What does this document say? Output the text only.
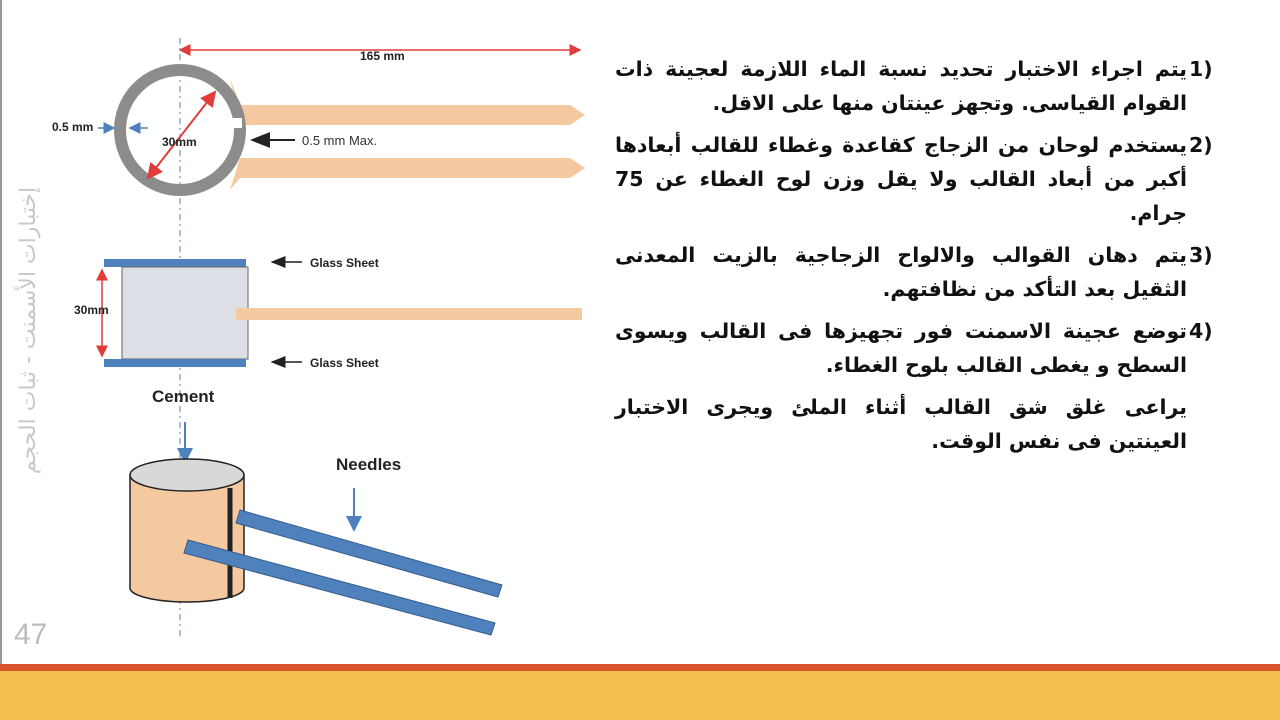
إختبارات الأسمنت - ثبات الحجم
47
165 mm
30mm
0.5 mm
0.5 mm Max.
Glass Sheet
Glass Sheet
30mm
Cement
Needles
1)
يتم اجراء الاختبار تحديد نسبة الماء اللازمة لعجينة ذات القوام القياسى. وتجهز عينتان منها على الاقل.
2)
يستخدم لوحان من الزجاج كقاعدة وغطاء للقالب أبعادها أكبر من أبعاد القالب ولا يقل وزن لوح الغطاء عن 75 جرام.
3)
يتم دهان القوالب والالواح الزجاجية بالزيت المعدنى الثقيل بعد التأكد من نظافتهم.
4)
توضع عجينة الاسمنت فور تجهيزها فى القالب ويسوى السطح و يغطى القالب بلوح الغطاء.
يراعى غلق شق القالب أثناء الملئ ويجرى الاختبار العينتين فى نفس الوقت.
